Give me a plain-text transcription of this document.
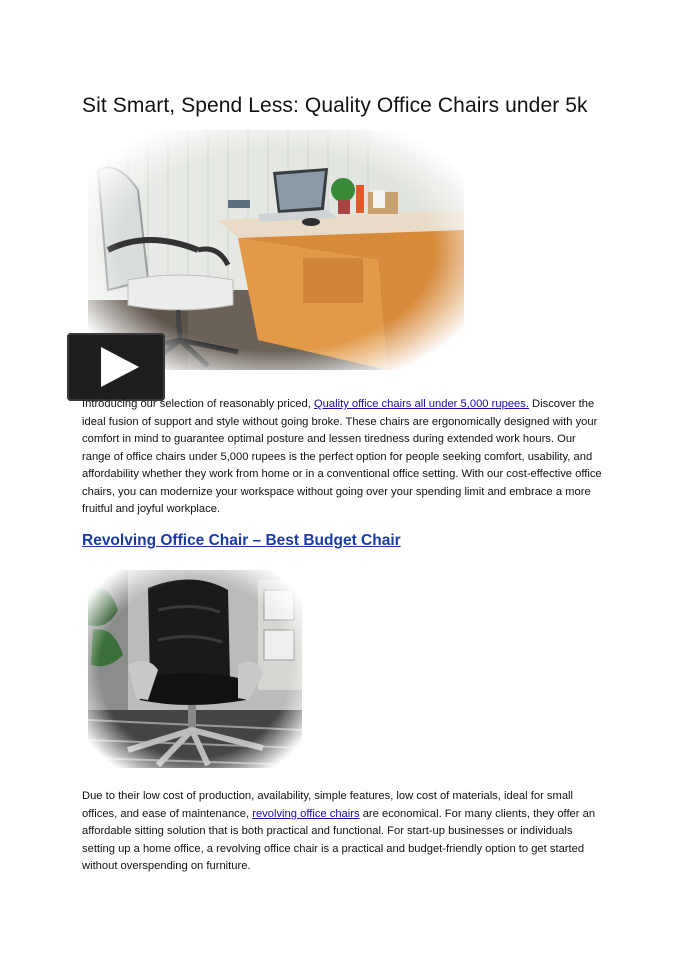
Sit Smart, Spend Less: Quality Office Chairs under 5k

Introducing our selection of reasonably priced, Quality office chairs all under 5,000 rupees. Discover the ideal fusion of support and style without going broke. These chairs are ergonomically designed with your comfort in mind to guarantee optimal posture and lessen tiredness during extended work hours. Our range of office chairs under 5,000 rupees is the perfect option for people seeking comfort, usability, and affordability whether they work from home or in a conventional office setting. With our cost-effective office chairs, you can modernize your workspace without going over your spending limit and embrace a more fruitful and joyful workplace.

Revolving Office Chair – Best Budget Chair

Due to their low cost of production, availability, simple features, low cost of materials, ideal for small offices, and ease of maintenance, revolving office chairs are economical. For many clients, they offer an affordable sitting solution that is both practical and functional. For start-up businesses or individuals setting up a home office, a revolving office chair is a practical and budget-friendly option to get started without overspending on furniture.
